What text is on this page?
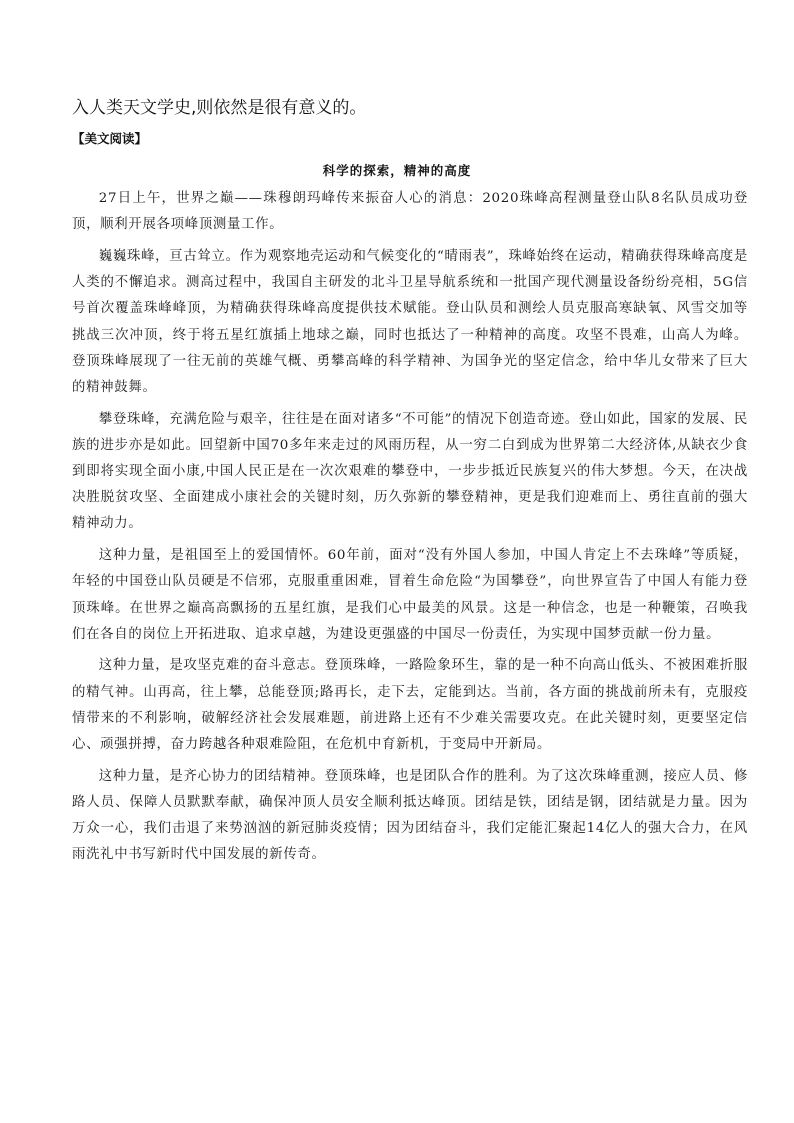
入人类天文学史,则依然是很有意义的。
【美文阅读】
科学的探索，精神的高度

27日上午，世界之巅——珠穆朗玛峰传来振奋人心的消息：2020珠峰高程测量登山队8名队员成功登顶，顺利开展各项峰顶测量工作。

巍巍珠峰，亘古耸立。作为观察地壳运动和气候变化的“晴雨表”，珠峰始终在运动，精确获得珠峰高度是人类的不懈追求。测高过程中，我国自主研发的北斗卫星导航系统和一批国产现代测量设备纷纷亮相，5G信号首次覆盖珠峰峰顶，为精确获得珠峰高度提供技术赋能。登山队员和测绘人员克服高寒缺氧、风雪交加等挑战三次冲顶，终于将五星红旗插上地球之巅，同时也抵达了一种精神的高度。攻坚不畏难，山高人为峰。登顶珠峰展现了一往无前的英雄气概、勇攀高峰的科学精神、为国争光的坚定信念，给中华儿女带来了巨大的精神鼓舞。

攀登珠峰，充满危险与艰辛，往往是在面对诸多“不可能”的情况下创造奇迹。登山如此，国家的发展、民族的进步亦是如此。回望新中国70多年来走过的风雨历程，从一穷二白到成为世界第二大经济体,从缺衣少食到即将实现全面小康,中国人民正是在一次次艰难的攀登中，一步步抵近民族复兴的伟大梦想。今天，在决战决胜脱贫攻坚、全面建成小康社会的关键时刻，历久弥新的攀登精神，更是我们迎难而上、勇往直前的强大精神动力。

这种力量，是祖国至上的爱国情怀。60年前，面对“没有外国人参加，中国人肯定上不去珠峰”等质疑，年轻的中国登山队员硬是不信邪，克服重重困难，冒着生命危险“为国攀登”，向世界宣告了中国人有能力登顶珠峰。在世界之巅高高飘扬的五星红旗，是我们心中最美的风景。这是一种信念，也是一种鞭策，召唤我们在各自的岗位上开拓进取、追求卓越，为建设更强盛的中国尽一份责任，为实现中国梦贡献一份力量。

这种力量，是攻坚克难的奋斗意志。登顶珠峰，一路险象环生，靠的是一种不向高山低头、不被困难折服的精气神。山再高，往上攀，总能登顶;路再长，走下去，定能到达。当前，各方面的挑战前所未有，克服疫情带来的不利影响，破解经济社会发展难题，前进路上还有不少难关需要攻克。在此关键时刻，更要坚定信心、顽强拼搏，奋力跨越各种艰难险阻，在危机中育新机，于变局中开新局。

这种力量，是齐心协力的团结精神。登顶珠峰，也是团队合作的胜利。为了这次珠峰重测，接应人员、修路人员、保障人员默默奉献，确保冲顶人员安全顺利抵达峰顶。团结是铁，团结是钢，团结就是力量。因为万众一心，我们击退了来势汹汹的新冠肺炎疫情；因为团结奋斗，我们定能汇聚起14亿人的强大合力，在风雨洗礼中书写新时代中国发展的新传奇。
